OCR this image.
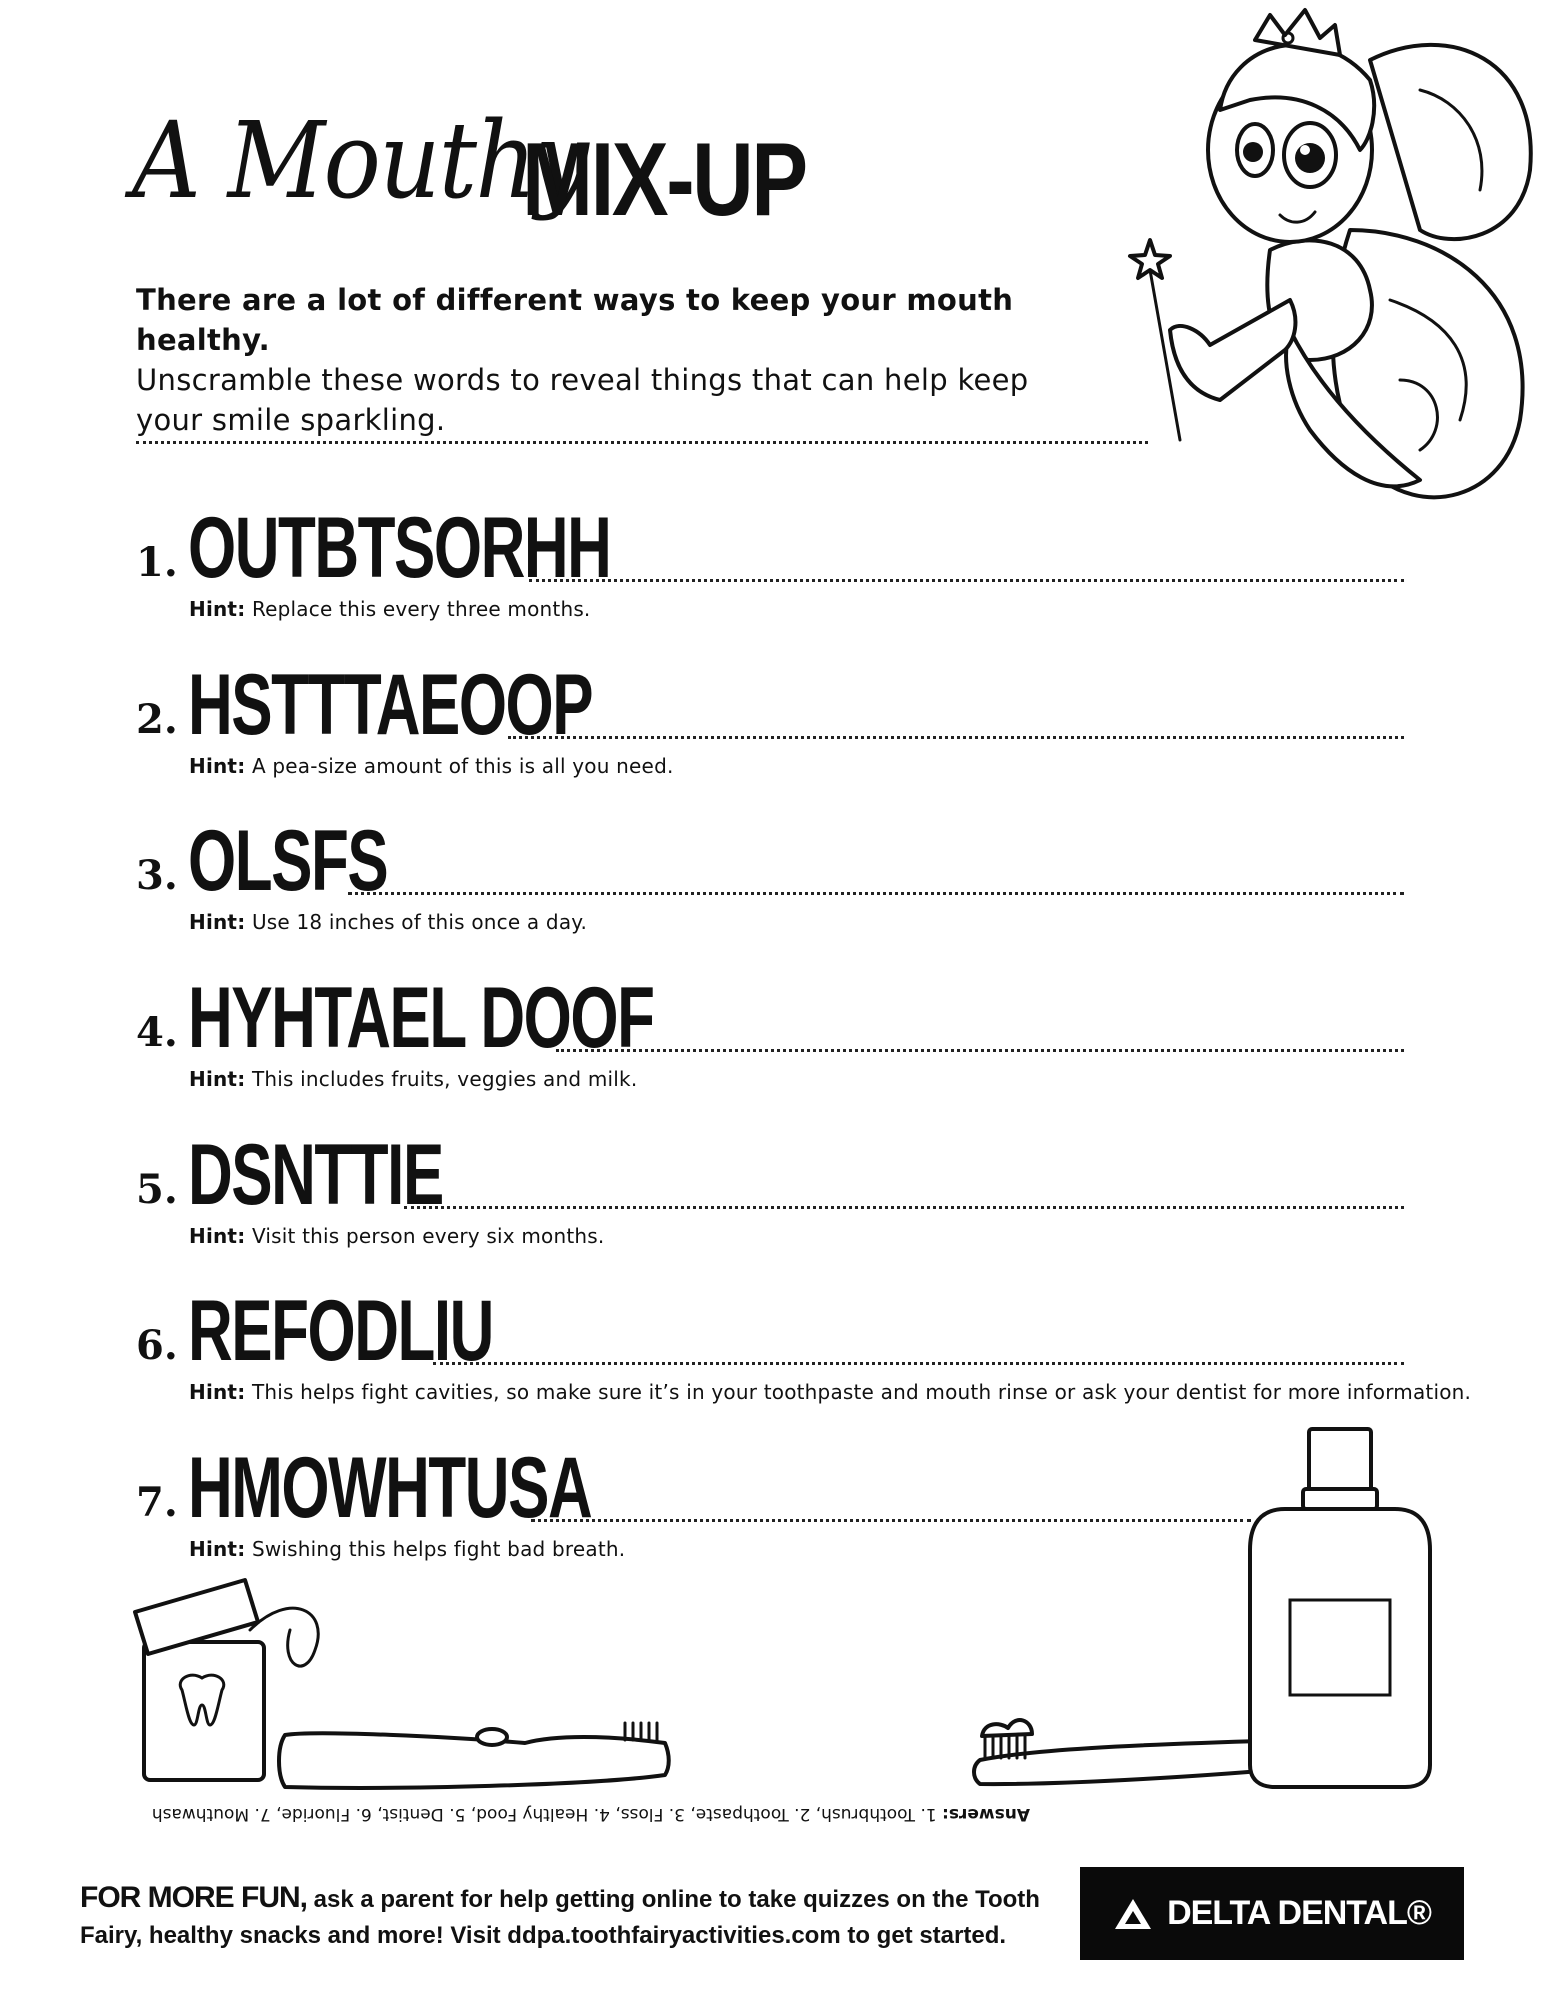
A Mouthy
MIX-UP
There are a lot of different ways to keep your mouth healthy.
Unscramble these words to reveal things that can help keep your smile sparkling.
1. OUTBTSORHH
Hint: Replace this every three months.
2. HSTTTAEOOP
Hint: A pea-size amount of this is all you need.
3. OLSFS
Hint: Use 18 inches of this once a day.
4. HYHTAEL DOOF
Hint: This includes fruits, veggies and milk.
5. DSNTTIE
Hint: Visit this person every six months.
6. REFODLIU
Hint: This helps fight cavities, so make sure it’s in your toothpaste and mouth rinse or ask your dentist for more information.
7. HMOWHTUSA
Hint: Swishing this helps fight bad breath.
Answers: 1. Toothbrush, 2. Toothpaste, 3. Floss, 4. Healthy Food, 5. Dentist, 6. Fluoride, 7. Mouthwash
FOR MORE FUN, ask a parent for help getting online to take quizzes on the Tooth Fairy, healthy snacks and more! Visit ddpa.toothfairyactivities.com to get started.
DELTA DENTAL®
